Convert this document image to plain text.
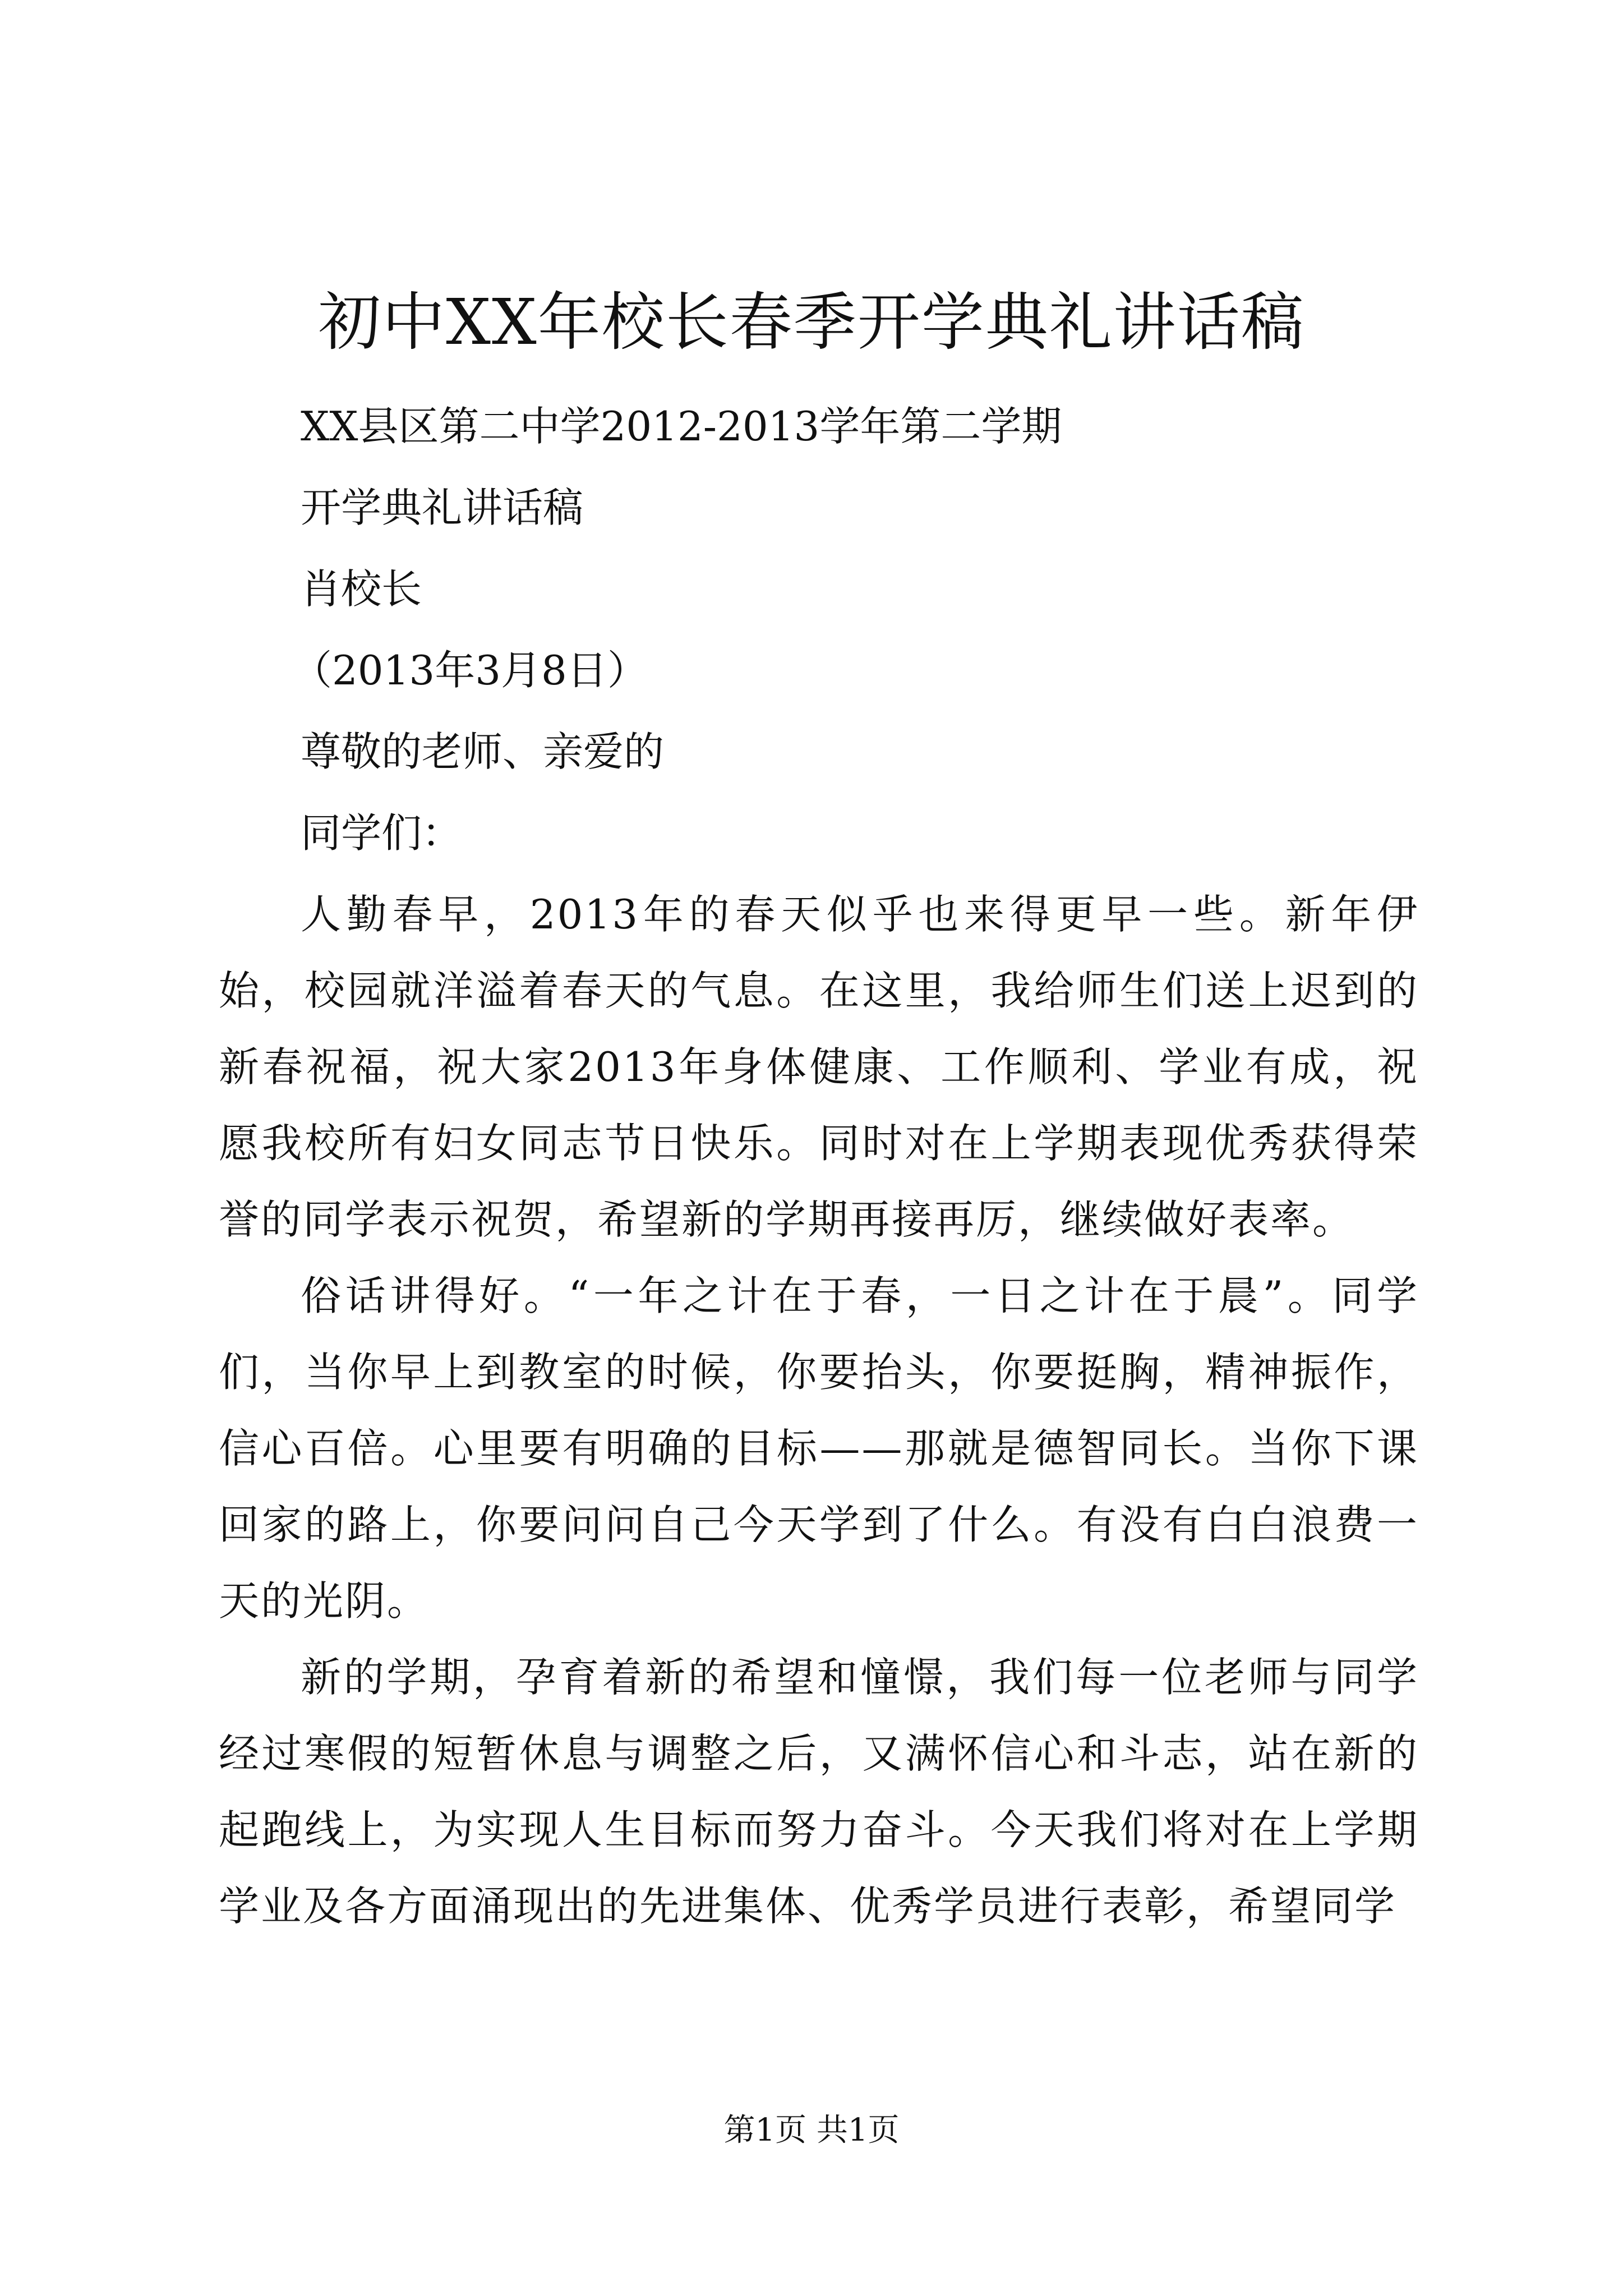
初中XX年校长春季开学典礼讲话稿
XX县区第二中学2012-2013学年第二学期
开学典礼讲话稿
肖校长
（2013年3月8日）
尊敬的老师、亲爱的
同学们：

人勤春早，2013年的春天似乎也来得更早一些。新年伊始，校园就洋溢着春天的气息。在这里，我给师生们送上迟到的新春祝福，祝大家2013年身体健康、工作顺利、学业有成，祝愿我校所有妇女同志节日快乐。同时对在上学期表现优秀获得荣誉的同学表示祝贺，希望新的学期再接再厉，继续做好表率。

俗话讲得好。“一年之计在于春，一日之计在于晨”。同学们，当你早上到教室的时候，你要抬头，你要挺胸，精神振作，信心百倍。心里要有明确的目标——那就是德智同长。当你下课回家的路上，你要问问自己今天学到了什么。有没有白白浪费一天的光阴。

新的学期，孕育着新的希望和憧憬，我们每一位老师与同学经过寒假的短暂休息与调整之后，又满怀信心和斗志，站在新的起跑线上，为实现人生目标而努力奋斗。今天我们将对在上学期学业及各方面涌现出的先进集体、优秀学员进行表彰，希望同学

第1页 共1页
